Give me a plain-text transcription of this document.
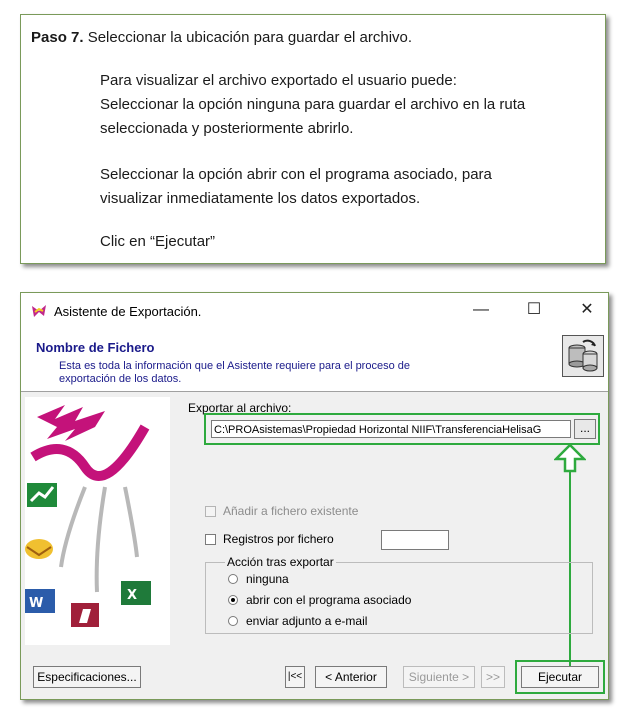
Paso 7. Seleccionar la ubicación para guardar el archivo.
Para visualizar el archivo exportado el usuario puede:
Seleccionar la opción ninguna para guardar el archivo en la ruta
seleccionada y posteriormente abrirlo.
Seleccionar la opción abrir con el programa asociado, para
visualizar inmediatamente los datos exportados.
Clic en “Ejecutar”
Asistente de Exportación.	—	☐	✕
Nombre de Fichero
Esta es toda la información que el Asistente requiere para el proceso de
exportación de los datos.
W
X
Exportar al archivo:
C:\PROAsistemas\Propiedad Horizontal NIIF\TransferenciaHelisaG	...
Añadir a fichero existente
Registros por fichero
Acción tras exportar
ninguna
abrir con el programa asociado
enviar adjunto a e-mail
Especificaciones...	|<<	< Anterior	Siguiente >	>>	Ejecutar
